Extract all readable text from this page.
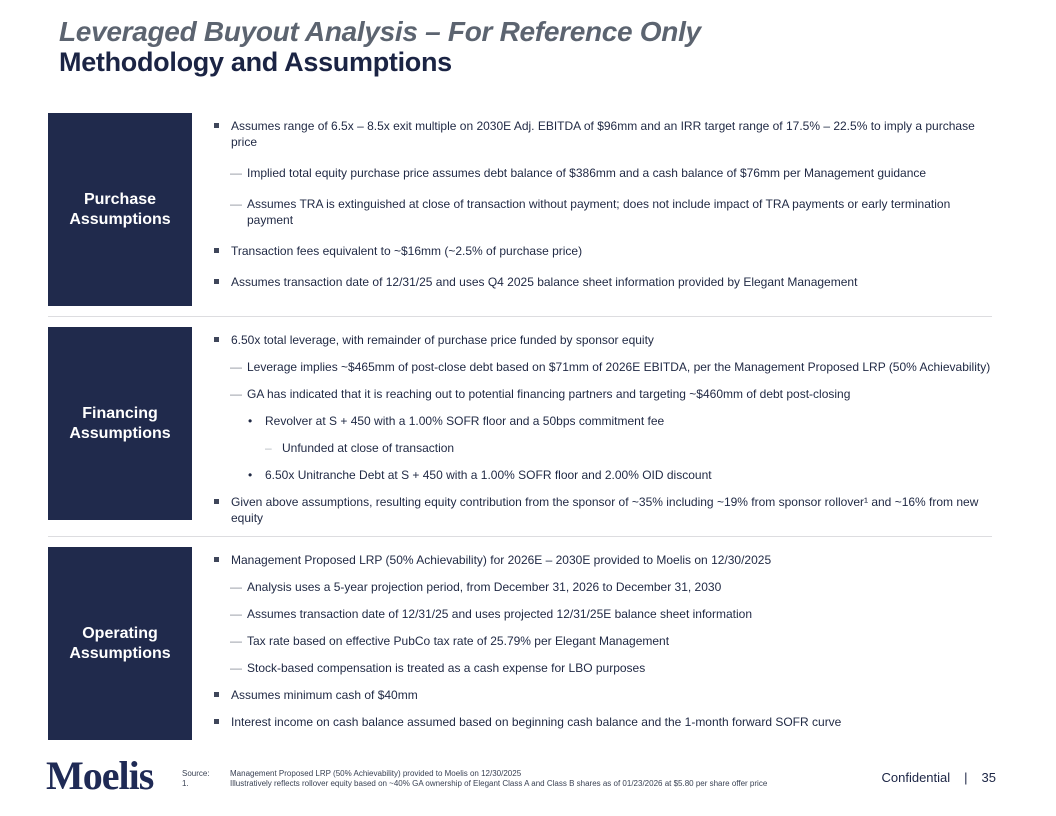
Leveraged Buyout Analysis – For Reference Only
Methodology and Assumptions
Purchase Assumptions
Assumes range of 6.5x – 8.5x exit multiple on 2030E Adj. EBITDA of $96mm and an IRR target range of 17.5% – 22.5% to imply a purchase price
—
Implied total equity purchase price assumes debt balance of $386mm and a cash balance of $76mm per Management guidance
—
Assumes TRA is extinguished at close of transaction without payment; does not include impact of TRA payments or early termination payment
Transaction fees equivalent to ~$16mm (~2.5% of purchase price)
Assumes transaction date of 12/31/25 and uses Q4 2025 balance sheet information provided by Elegant Management
Financing Assumptions
6.50x total leverage, with remainder of purchase price funded by sponsor equity
—
Leverage implies ~$465mm of post-close debt based on $71mm of 2026E EBITDA, per the Management Proposed LRP (50% Achievability)
—
GA has indicated that it is reaching out to potential financing partners and targeting ~$460mm of debt post-closing
•
Revolver at S + 450 with a 1.00% SOFR floor and a 50bps commitment fee
–
Unfunded at close of transaction
•
6.50x Unitranche Debt at S + 450 with a 1.00% SOFR floor and 2.00% OID discount
Given above assumptions, resulting equity contribution from the sponsor of ~35% including ~19% from sponsor rollover¹ and ~16% from new equity
Operating Assumptions
Management Proposed LRP (50% Achievability) for 2026E – 2030E provided to Moelis on 12/30/2025
—
Analysis uses a 5-year projection period, from December 31, 2026 to December 31, 2030
—
Assumes transaction date of 12/31/25 and uses projected 12/31/25E balance sheet information
—
Tax rate based on effective PubCo tax rate of 25.79% per Elegant Management
—
Stock-based compensation is treated as a cash expense for LBO purposes
Assumes minimum cash of $40mm
Interest income on cash balance assumed based on beginning cash balance and the 1-month forward SOFR curve
Moelis	Source:	Management Proposed LRP (50% Achievability) provided to Moelis on 12/30/2025
1.	Illustratively reflects rollover equity based on ~40% GA ownership of Elegant Class A and Class B shares as of 01/23/2026 at $5.80 per share offer price	Confidential | 35
